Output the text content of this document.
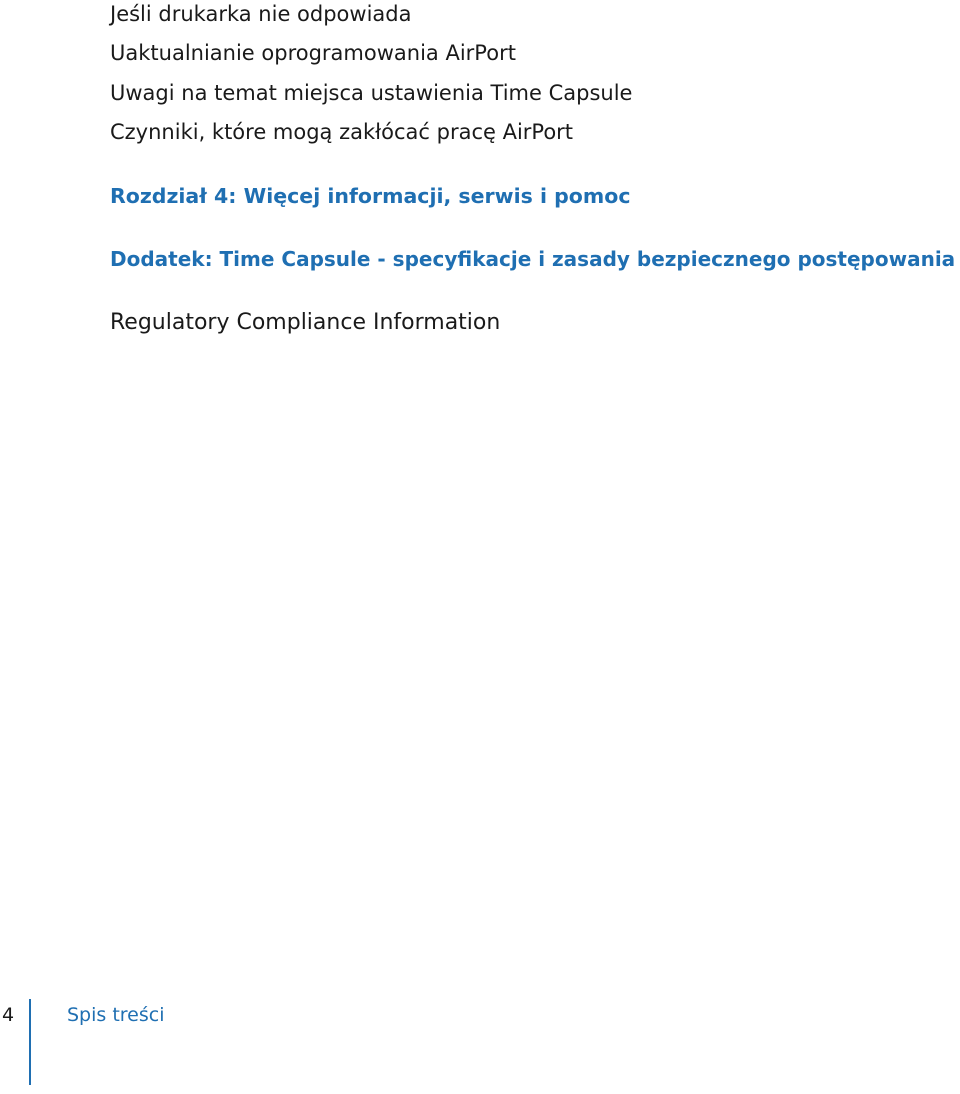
Jeśli drukarka nie odpowiada
Uaktualnianie oprogramowania AirPort
Uwagi na temat miejsca ustawienia Time Capsule
Czynniki, które mogą zakłócać pracę AirPort
Rozdział 4: Więcej informacji, serwis i pomoc
Dodatek: Time Capsule - specyfikacje i zasady bezpiecznego postępowania
Regulatory Compliance Information
4	Spis treści
